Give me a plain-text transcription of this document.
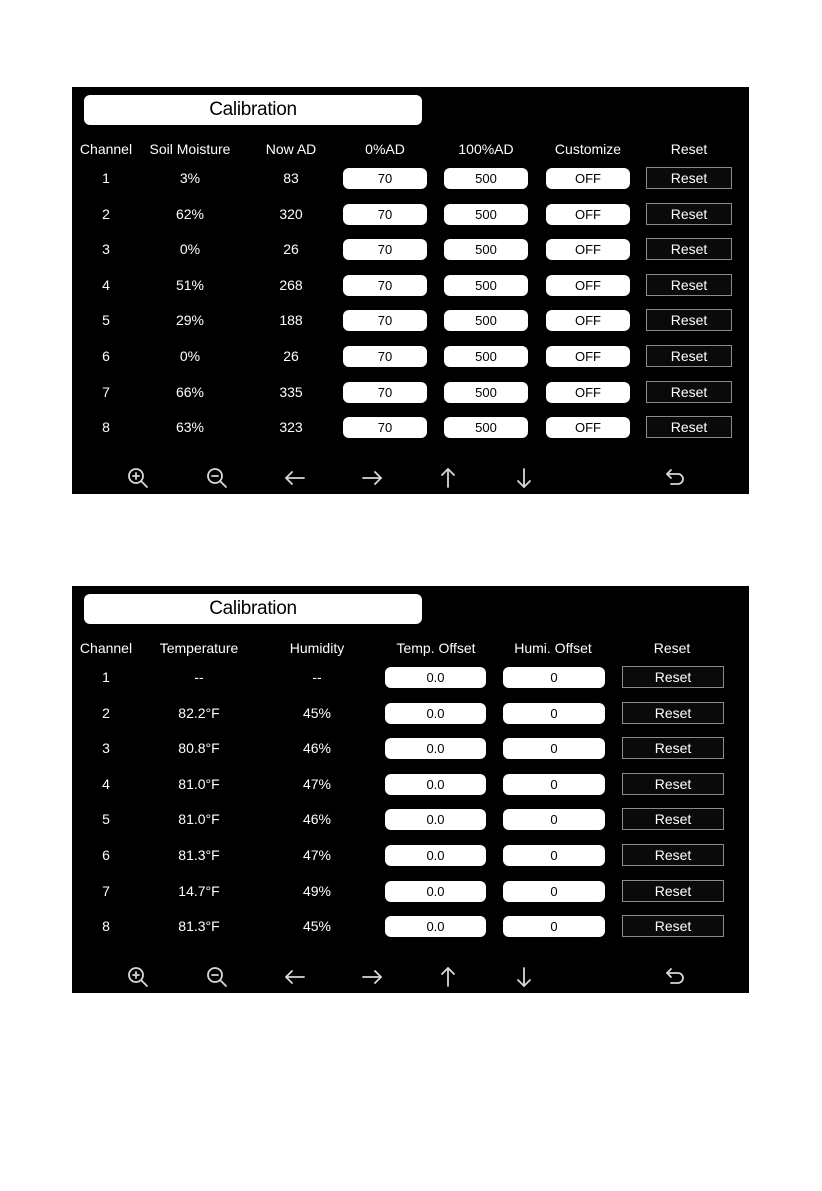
Calibration
Channel Soil Moisture	Now AD	0%AD	100%AD	Customize	Reset
1	3%	83	70	500	OFF	Reset
2	62%	320	70	500	OFF	Reset
3	0%	26	70	500	OFF	Reset
4	51%	268	70	500	OFF	Reset
5	29%	188	70	500	OFF	Reset
6	0%	26	70	500	OFF	Reset
7	66%	335	70	500	OFF	Reset
8	63%	323	70	500	OFF	Reset
Calibration
Channel Temperature	Humidity	Temp. Offset	Humi. Offset	Reset
1	--	--	0.0	0	Reset
2	82.2°F	45%	0.0	0	Reset
3	80.8°F	46%	0.0	0	Reset
4	81.0°F	47%	0.0	0	Reset
5	81.0°F	46%	0.0	0	Reset
6	81.3°F	47%	0.0	0	Reset
7	14.7°F	49%	0.0	0	Reset
8	81.3°F	45%	0.0	0	Reset
